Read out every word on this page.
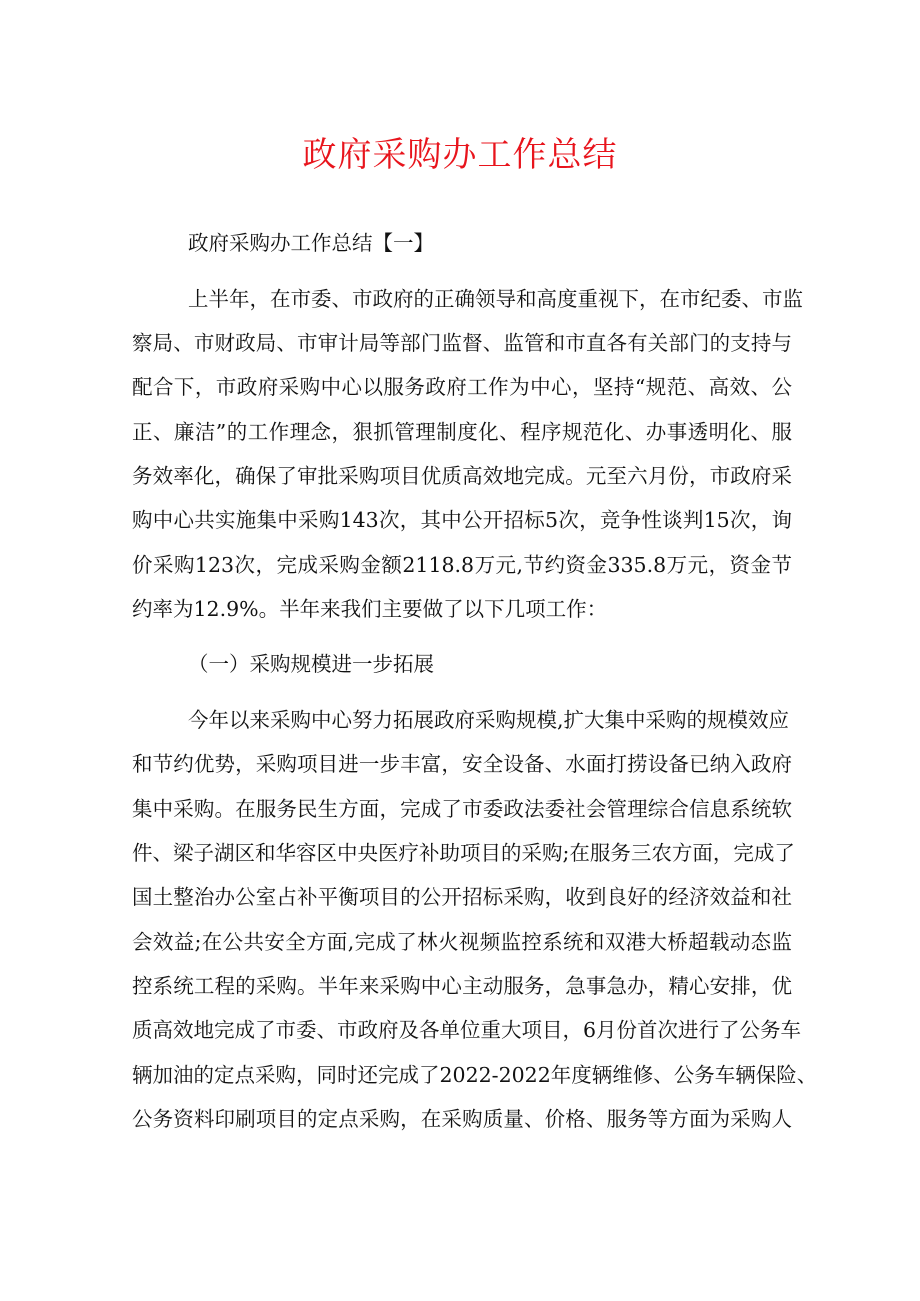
政府采购办工作总结

政府采购办工作总结【一】

上半年，在市委、市政府的正确领导和高度重视下，在市纪委、市监

察局、市财政局、市审计局等部门监督、监管和市直各有关部门的支持与

配合下，市政府采购中心以服务政府工作为中心，坚持“规范、高效、公

正、廉洁”的工作理念，狠抓管理制度化、程序规范化、办事透明化、服

务效率化，确保了审批采购项目优质高效地完成。元至六月份，市政府采

购中心共实施集中采购143次，其中公开招标5次，竞争性谈判15次，询

价采购123次，完成采购金额2118.8万元,节约资金335.8万元，资金节

约率为12.9%。半年来我们主要做了以下几项工作：

（一）采购规模进一步拓展

今年以来采购中心努力拓展政府采购规模,扩大集中采购的规模效应

和节约优势，采购项目进一步丰富，安全设备、水面打捞设备已纳入政府

集中采购。在服务民生方面，完成了市委政法委社会管理综合信息系统软

件、梁子湖区和华容区中央医疗补助项目的采购;在服务三农方面，完成了

国土整治办公室占补平衡项目的公开招标采购，收到良好的经济效益和社

会效益;在公共安全方面,完成了林火视频监控系统和双港大桥超载动态监

控系统工程的采购。半年来采购中心主动服务，急事急办，精心安排，优

质高效地完成了市委、市政府及各单位重大项目，6月份首次进行了公务车

辆加油的定点采购，同时还完成了2022-2022年度辆维修、公务车辆保险、

公务资料印刷项目的定点采购，在采购质量、价格、服务等方面为采购人
